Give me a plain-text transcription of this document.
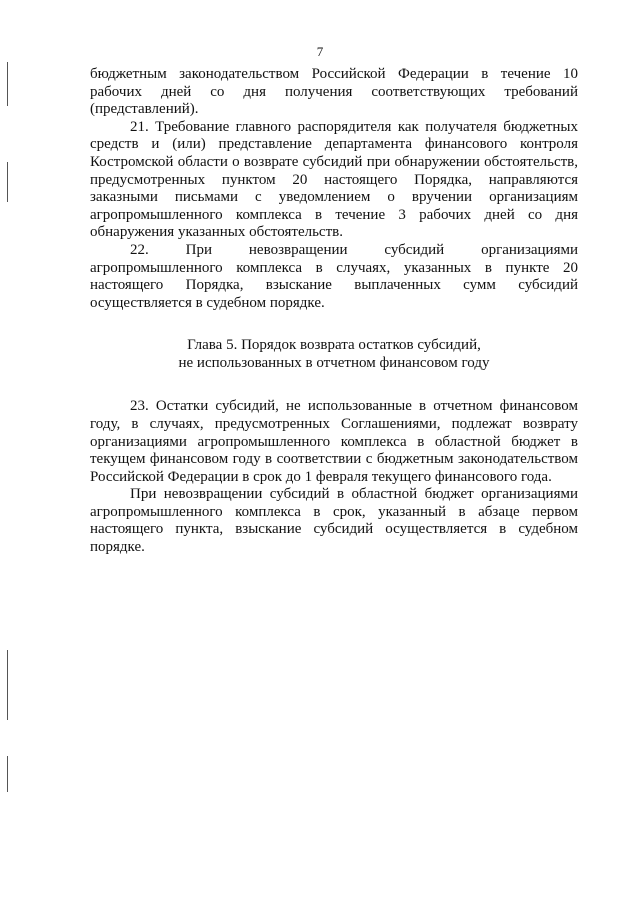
7

бюджетным законодательством Российской Федерации в течение 10 рабочих дней со дня получения соответствующих требований (представлений).

21. Требование главного распорядителя как получателя бюджетных средств и (или) представление департамента финансового контроля Костромской области о возврате субсидий при обнаружении обстоятельств, предусмотренных пунктом 20 настоящего Порядка, направляются заказными письмами с уведомлением о вручении организациям агропромышленного комплекса в течение 3 рабочих дней со дня обнаружения указанных обстоятельств.

22. При невозвращении субсидий организациями агропромышленного комплекса в случаях, указанных в пункте 20 настоящего Порядка, взыскание выплаченных сумм субсидий осуществляется в судебном порядке.

Глава 5. Порядок возврата остатков субсидий,
не использованных в отчетном финансовом году

23. Остатки субсидий, не использованные в отчетном финансовом году, в случаях, предусмотренных Соглашениями, подлежат возврату организациями агропромышленного комплекса в областной бюджет в текущем финансовом году в соответствии с бюджетным законодательством Российской Федерации в срок до 1 февраля текущего финансового года.

При невозвращении субсидий в областной бюджет организациями агропромышленного комплекса в срок, указанный в абзаце первом настоящего пункта, взыскание субсидий осуществляется в судебном порядке.
